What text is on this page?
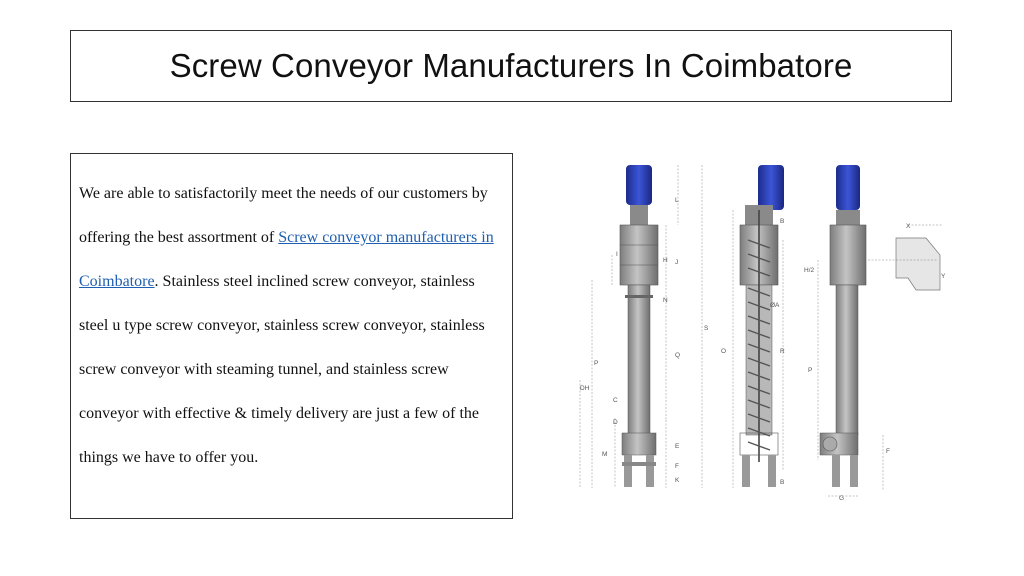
Screw Conveyor Manufacturers In Coimbatore

We are able to satisfactorily meet the needs of our customers by offering the best assortment of Screw conveyor manufacturers in Coimbatore. Stainless steel inclined screw conveyor, stainless steel u type screw conveyor, stainless screw conveyor, stainless screw conveyor with steaming tunnel, and stainless screw conveyor with effective & timely delivery are just a few of the things we have to offer you.

L
I
H J
N
S
P
Q
DH
C
D
E
M
F
K
B
ØA
O	R
B
X
H/2
Y
P
F
G
